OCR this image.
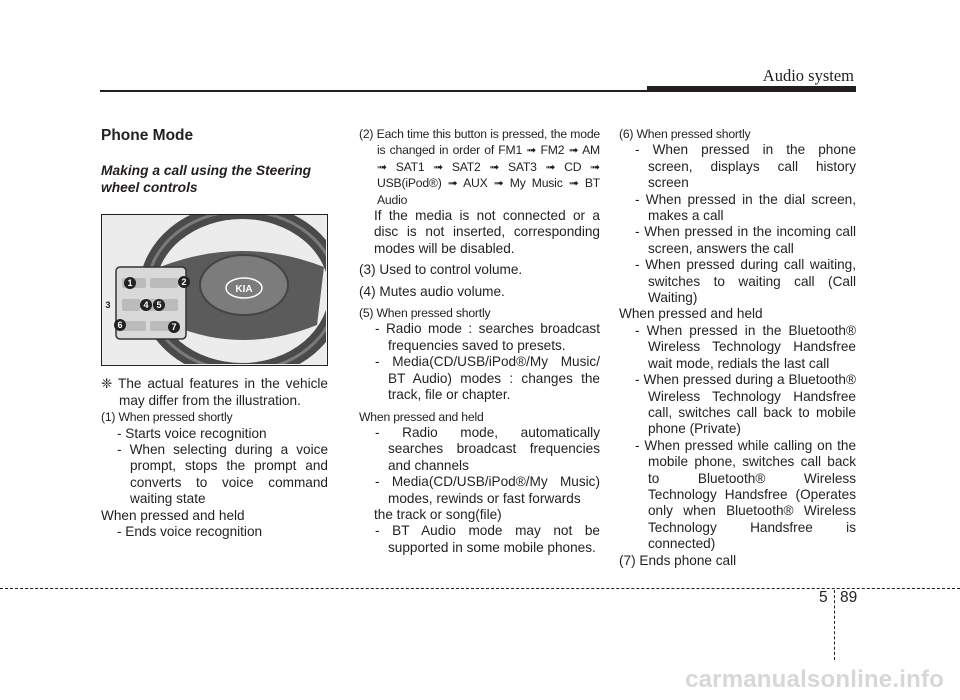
Audio system
Phone Mode
Making a call using the Steering wheel controls
KIA
1	2
3	4 5
6	7

❈ The actual features in the vehicle may differ from the illustration.

(1) When pressed shortly

- Starts voice recognition

- When selecting during a voice prompt, stops the prompt and converts to voice command waiting state

When pressed and held

- Ends voice recognition

(2) Each time this button is pressed, the mode is changed in order of FM1 ➟ FM2 ➟ AM ➟ SAT1 ➟ SAT2 ➟ SAT3 ➟ CD ➟ USB(iPod®) ➟ AUX ➟ My Music ➟ BT Audio

If the media is not connected or a disc is not inserted, corresponding modes will be disabled.

(3) Used to control volume.

(4) Mutes audio volume.

(5) When pressed shortly

- Radio mode : searches broadcast frequencies saved to presets.

- Media(CD/USB/iPod®/My Music/ BT Audio) modes : changes the track, file or chapter.

When pressed and held

- Radio mode, automatically searches broadcast frequencies and channels

- Media(CD/USB/iPod®/My Music) modes, rewinds or fast forwards

the track or song(file)

- BT Audio mode may not be supported in some mobile phones.

(6) When pressed shortly

- When pressed in the phone screen, displays call history screen

- When pressed in the dial screen, makes a call

- When pressed in the incoming call screen, answers the call

- When pressed during call waiting, switches to waiting call (Call Waiting)

When pressed and held

- When pressed in the Bluetooth® Wireless Technology Handsfree wait mode, redials the last call

- When pressed during a Bluetooth® Wireless Technology Handsfree call, switches call back to mobile phone (Private)

- When pressed while calling on the mobile phone, switches call back to Bluetooth® Wireless Technology Handsfree (Operates only when Bluetooth® Wireless Technology Handsfree is connected)

(7) Ends phone call

5 89
carmanualsonline.info
